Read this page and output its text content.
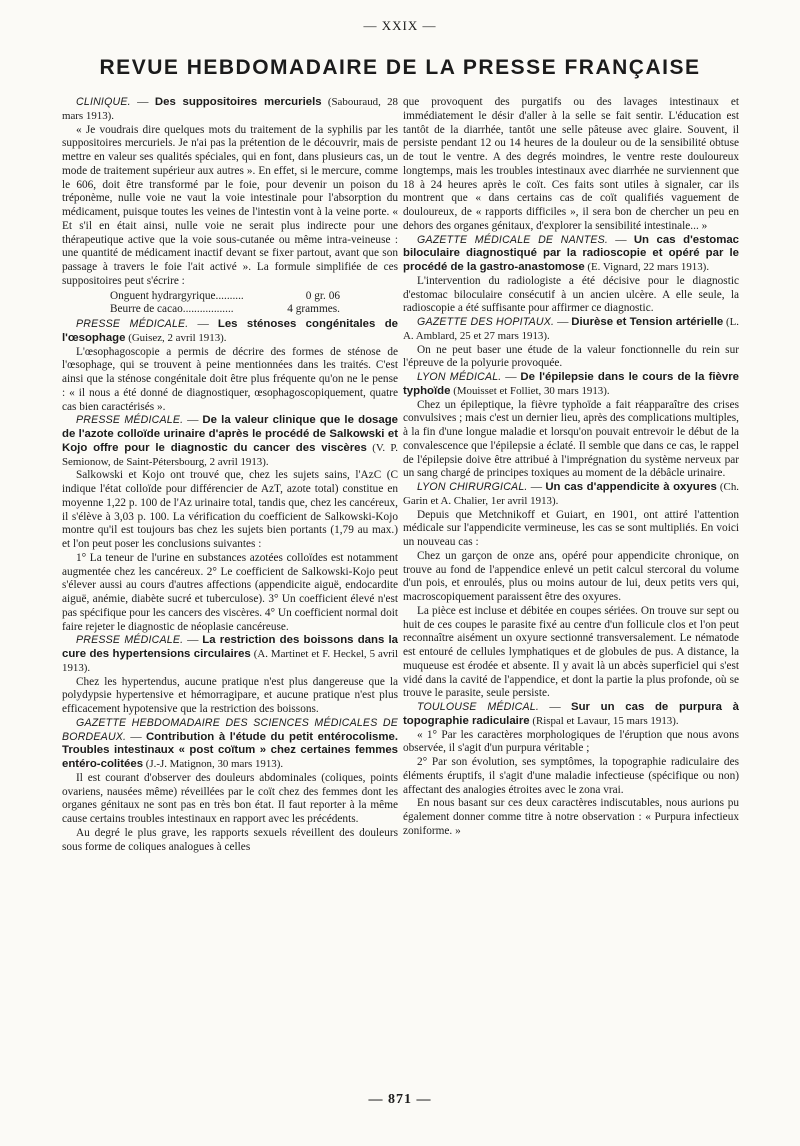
— XXIX —
REVUE HEBDOMADAIRE DE LA PRESSE FRANÇAISE

CLINIQUE. — Des suppositoires mercuriels (Sabouraud, 28 mars 1913).

« Je voudrais dire quelques mots du traitement de la syphilis par les suppositoires mercuriels. Je n'ai pas la prétention de le découvrir, mais de mettre en valeur ses qualités spéciales, qui en font, dans plusieurs cas, un mode de traitement supérieur aux autres ». En effet, si le mercure, comme le 606, doit être transformé par le foie, pour devenir un poison du tréponème, nulle voie ne vaut la voie intestinale pour l'absorption du médicament, puisque toutes les veines de l'intestin vont à la veine porte. « Et s'il en était ainsi, nulle voie ne serait plus indirecte pour une thérapeutique active que la voie sous-cutanée ou même intra-veineuse : une quantité de médicament inactif devant se fixer partout, avant que son passage à travers le foie l'ait activé ». La formule simplifiée de ces suppositoires peut s'écrire :

Onguent hydrargyrique..........	0 gr. 06
Beurre de cacao..................	4 grammes.

PRESSE MÉDICALE. — Les sténoses congénitales de l'œsophage (Guisez, 2 avril 1913).

L'œsophagoscopie a permis de décrire des formes de sténose de l'œsophage, qui se trouvent à peine mentionnées dans les traités. C'est ainsi que la sténose congénitale doit être plus fréquente qu'on ne le pense : « il nous a été donné de diagnostiquer, œsophagoscopiquement, quatre cas bien caractérisés ».

PRESSE MÉDICALE. — De la valeur clinique que le dosage de l'azote colloïde urinaire d'après le procédé de Salkowski et Kojo offre pour le diagnostic du cancer des viscères (V. P. Semionow, de Saint-Pétersbourg, 2 avril 1913).

Salkowski et Kojo ont trouvé que, chez les sujets sains, l'AzC (C indique l'état colloïde pour différencier de AzT, azote total) constitue en moyenne 1,22 p. 100 de l'Az urinaire total, tandis que, chez les cancéreux, il s'élève à 3,03 p. 100. La vérification du coefficient de Salkowski-Kojo montre qu'il est toujours bas chez les sujets bien portants (1,79 au max.) et l'on peut poser les conclusions suivantes :

1° La teneur de l'urine en substances azotées colloïdes est notamment augmentée chez les cancéreux. 2° Le coefficient de Salkowski-Kojo peut s'élever aussi au cours d'autres affections (appendicite aiguë, endocardite aiguë, anémie, diabète sucré et tuberculose). 3° Un coefficient élevé n'est pas spécifique pour les cancers des viscères. 4° Un coefficient normal doit faire rejeter le diagnostic de néoplasie cancéreuse.

PRESSE MÉDICALE. — La restriction des boissons dans la cure des hypertensions circulaires (A. Martinet et F. Heckel, 5 avril 1913).

Chez les hypertendus, aucune pratique n'est plus dangereuse que la polydypsie hypertensive et hémorragipare, et aucune pratique n'est plus efficacement hypotensive que la restriction des boissons.

GAZETTE HEBDOMADAIRE DES SCIENCES MÉDICALES DE BORDEAUX. — Contribution à l'étude du petit entérocolisme. Troubles intestinaux « post coïtum » chez certaines femmes entéro-colitées (J.-J. Matignon, 30 mars 1913).

Il est courant d'observer des douleurs abdominales (coliques, points ovariens, nausées même) réveillées par le coït chez des femmes dont les organes génitaux ne sont pas en très bon état. Il faut reporter à la même cause certains troubles intestinaux en rapport avec les précédents.

Au degré le plus grave, les rapports sexuels réveillent des douleurs sous forme de coliques analogues à celles

que provoquent des purgatifs ou des lavages intestinaux et immédiatement le désir d'aller à la selle se fait sentir. L'éducation est tantôt de la diarrhée, tantôt une selle pâteuse avec glaire. Souvent, il persiste pendant 12 ou 14 heures de la douleur ou de la sensibilité obtuse de tout le ventre. A des degrés moindres, le ventre reste douloureux longtemps, mais les troubles intestinaux avec diarrhée ne surviennent que 18 à 24 heures après le coït. Ces faits sont utiles à signaler, car ils montrent que « dans certains cas de coït qualifiés vaguement de douloureux, de « rapports difficiles », il sera bon de chercher un peu en dehors des organes génitaux, d'explorer la sensibilité intestinale... »

GAZETTE MÉDICALE DE NANTES. — Un cas d'estomac biloculaire diagnostiqué par la radioscopie et opéré par le procédé de la gastro-anastomose (E. Vignard, 22 mars 1913).

L'intervention du radiologiste a été décisive pour le diagnostic d'estomac biloculaire consécutif à un ancien ulcère. A elle seule, la radioscopie a été suffisante pour affirmer ce diagnostic.

GAZETTE DES HOPITAUX. — Diurèse et Tension artérielle (L. A. Amblard, 25 et 27 mars 1913).

On ne peut baser une étude de la valeur fonctionnelle du rein sur l'épreuve de la polyurie provoquée.

LYON MÉDICAL. — De l'épilepsie dans le cours de la fièvre typhoïde (Mouisset et Folliet, 30 mars 1913).

Chez un épileptique, la fièvre typhoïde a fait réapparaître des crises convulsives ; mais c'est un dernier lieu, après des complications multiples, à la fin d'une longue maladie et lorsqu'on pouvait entrevoir le début de la convalescence que l'épilepsie a éclaté. Il semble que dans ce cas, le rappel de l'épilepsie doive être attribué à l'imprégnation du système nerveux par un sang chargé de principes toxiques au moment de la débâcle urinaire.

LYON CHIRURGICAL. — Un cas d'appendicite à oxyures (Ch. Garin et A. Chalier, 1er avril 1913).

Depuis que Metchnikoff et Guiart, en 1901, ont attiré l'attention médicale sur l'appendicite vermineuse, les cas se sont multipliés. En voici un nouveau cas :

Chez un garçon de onze ans, opéré pour appendicite chronique, on trouve au fond de l'appendice enlevé un petit calcul stercoral du volume d'un pois, et enroulés, plus ou moins autour de lui, deux petits vers qui, macroscopiquement paraissent être des oxyures.

La pièce est incluse et débitée en coupes sériées. On trouve sur sept ou huit de ces coupes le parasite fixé au centre d'un follicule clos et l'on peut reconnaître aisément un oxyure sectionné transversalement. Le nématode est entouré de cellules lymphatiques et de globules de pus. A distance, la muqueuse est érodée et absente. Il y avait là un abcès superficiel qui s'est vidé dans la cavité de l'appendice, et dont la partie la plus profonde, où se trouve le parasite, seule persiste.

TOULOUSE MÉDICAL. — Sur un cas de purpura à topographie radiculaire (Rispal et Lavaur, 15 mars 1913).

« 1° Par les caractères morphologiques de l'éruption que nous avons observée, il s'agit d'un purpura véritable ;

2° Par son évolution, ses symptômes, la topographie radiculaire des éléments éruptifs, il s'agit d'une maladie infectieuse (spécifique ou non) affectant des analogies étroites avec le zona vrai.

En nous basant sur ces deux caractères indiscutables, nous aurions pu également donner comme titre à notre observation : « Purpura infectieux zoniforme. »

— 871 —
